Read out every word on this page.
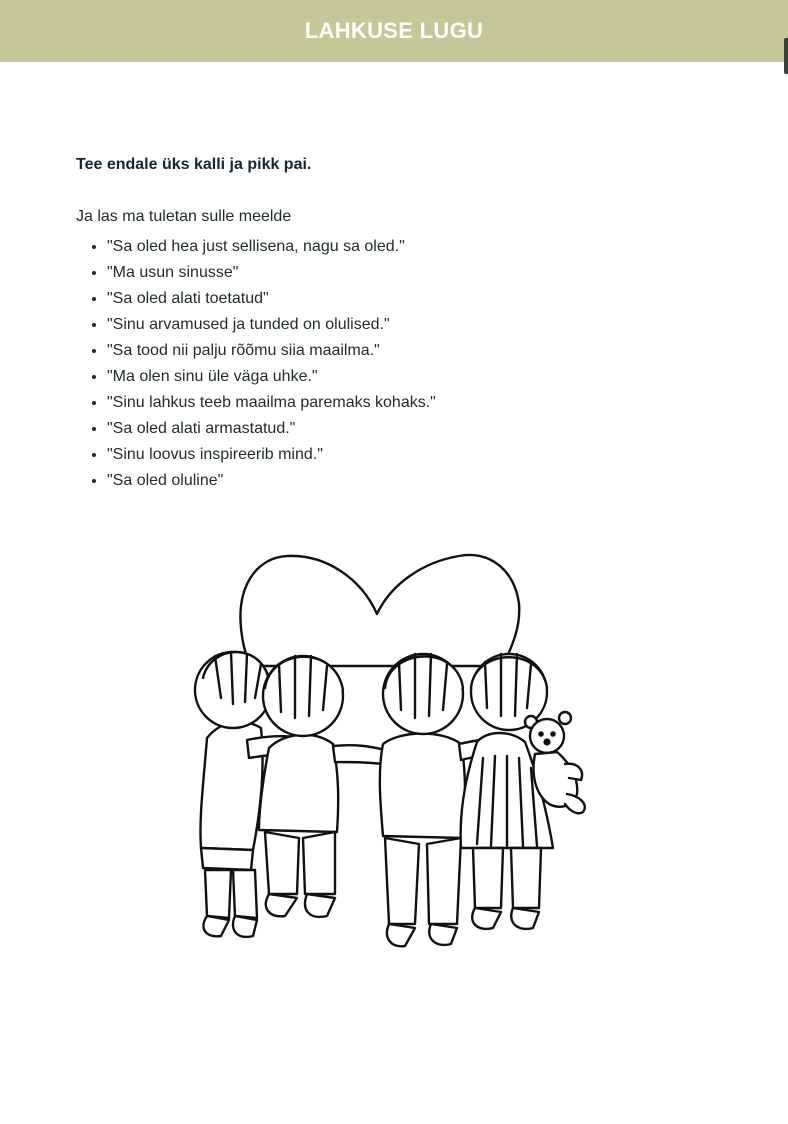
LAHKUSE LUGU

Tee endale üks kalli ja pikk pai.

Ja las ma tuletan sulle meelde

• "Sa oled hea just sellisena, nagu sa oled."
• "Ma usun sinusse"
• "Sa oled alati toetatud"
• "Sinu arvamused ja tunded on olulised."
• "Sa tood nii palju rõõmu siia maailma."
• "Ma olen sinu üle väga uhke."
• "Sinu lahkus teeb maailma paremaks kohaks."
• "Sa oled alati armastatud."
• "Sinu loovus inspireerib mind."
• "Sa oled oluline"
